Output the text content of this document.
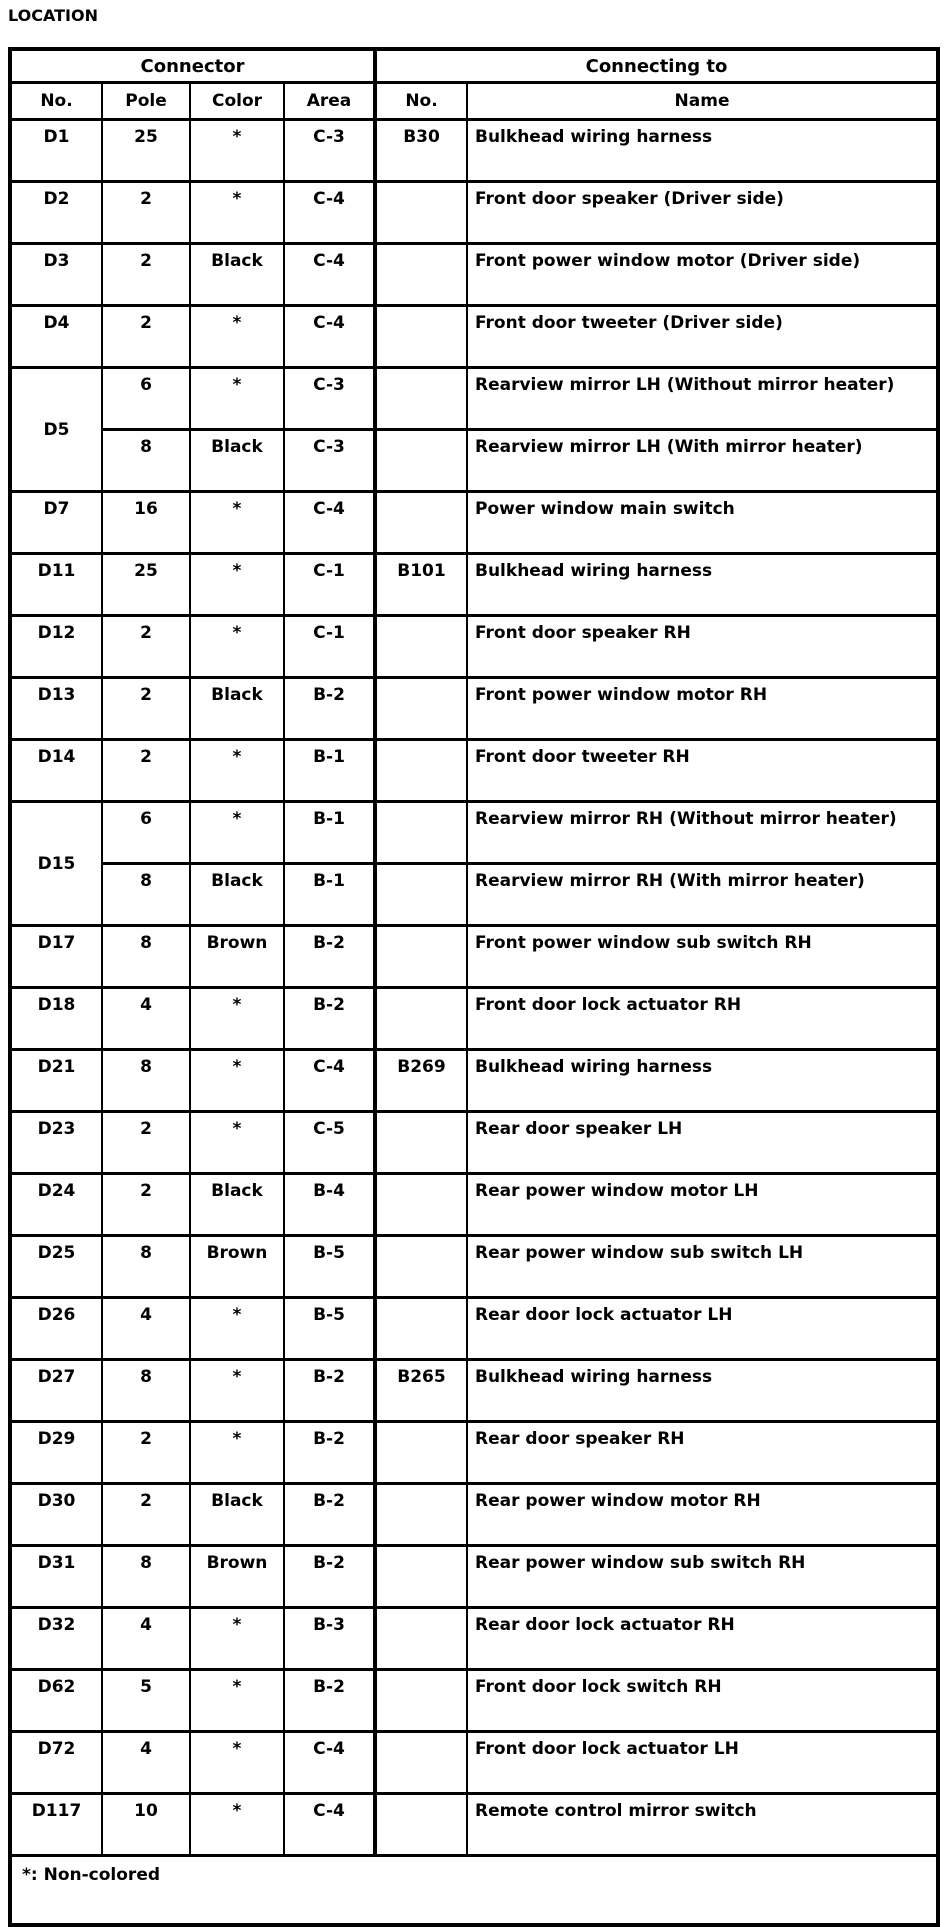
LOCATION
Connector				Connecting to	
No.	Pole	Color	Area	No.	Name
D1	25	*	C-3	B30	Bulkhead wiring harness
D2	2	*	C-4		Front door speaker (Driver side)
D3	2	Black	C-4		Front power window motor (Driver side)
D4	2	*	C-4		Front door tweeter (Driver side)
D5	6	*	C-3		Rearview mirror LH (Without mirror heater)
	8	Black	C-3		Rearview mirror LH (With mirror heater)
D7	16	*	C-4		Power window main switch
D11	25	*	C-1	B101	Bulkhead wiring harness
D12	2	*	C-1		Front door speaker RH
D13	2	Black	B-2		Front power window motor RH
D14	2	*	B-1		Front door tweeter RH
D15	6	*	B-1		Rearview mirror RH (Without mirror heater)
	8	Black	B-1		Rearview mirror RH (With mirror heater)
D17	8	Brown	B-2		Front power window sub switch RH
D18	4	*	B-2		Front door lock actuator RH
D21	8	*	C-4	B269	Bulkhead wiring harness
D23	2	*	C-5		Rear door speaker LH
D24	2	Black	B-4		Rear power window motor LH
D25	8	Brown	B-5		Rear power window sub switch LH
D26	4	*	B-5		Rear door lock actuator LH
D27	8	*	B-2	B265	Bulkhead wiring harness
D29	2	*	B-2		Rear door speaker RH
D30	2	Black	B-2		Rear power window motor RH
D31	8	Brown	B-2		Rear power window sub switch RH
D32	4	*	B-3		Rear door lock actuator RH
D62	5	*	B-2		Front door lock switch RH
D72	4	*	C-4		Front door lock actuator LH
D117	10	*	C-4		Remote control mirror switch
*: Non-colored					
